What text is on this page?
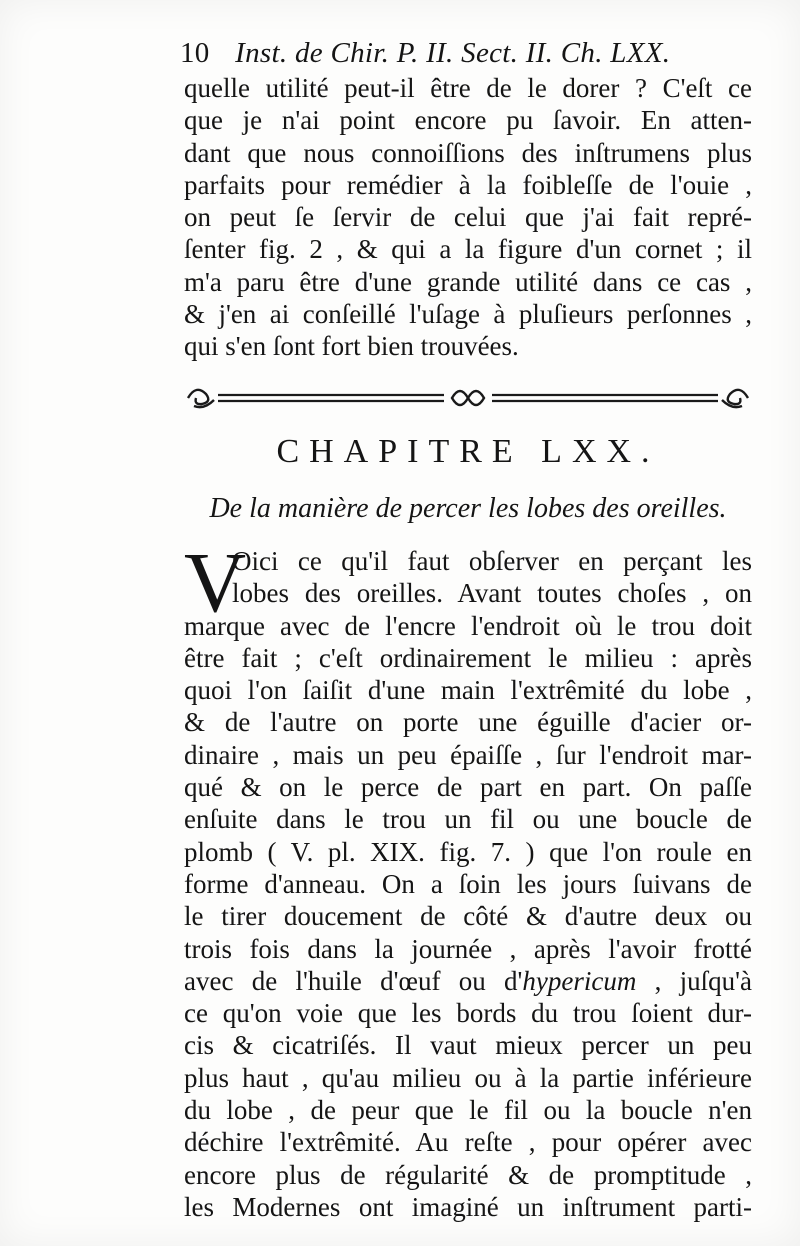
10 Inst. de Chir. P. II. Sect. II. Ch. LXX.
quelle utilité peut-il être de le dorer ? C'eſt ce
que je n'ai point encore pu ſavoir. En atten-
dant que nous connoiſſions des inſtrumens plus
parfaits pour remédier à la foibleſſe de l'ouie ,
on peut ſe ſervir de celui que j'ai fait repré-
ſenter fig. 2 , & qui a la figure d'un cornet ; il
m'a paru être d'une grande utilité dans ce cas ,
& j'en ai conſeillé l'uſage à pluſieurs perſonnes ,
qui s'en ſont fort bien trouvées.
CHAPITRE LXX.
De la manière de percer les lobes des oreilles.
V
Oici ce qu'il faut obſerver en perçant les
lobes des oreilles. Avant toutes choſes , on
marque avec de l'encre l'endroit où le trou doit
être fait ; c'eſt ordinairement le milieu : après
quoi l'on ſaiſit d'une main l'extrêmité du lobe ,
& de l'autre on porte une éguille d'acier or-
dinaire , mais un peu épaiſſe , ſur l'endroit mar-
qué & on le perce de part en part. On paſſe
enſuite dans le trou un fil ou une boucle de
plomb ( V. pl. XIX. fig. 7. ) que l'on roule en
forme d'anneau. On a ſoin les jours ſuivans de
le tirer doucement de côté & d'autre deux ou
trois fois dans la journée , après l'avoir frotté
avec de l'huile d'œuf ou d'hypericum , juſqu'à
ce qu'on voie que les bords du trou ſoient dur-
cis & cicatriſés. Il vaut mieux percer un peu
plus haut , qu'au milieu ou à la partie inférieure
du lobe , de peur que le fil ou la boucle n'en
déchire l'extrêmité. Au reſte , pour opérer avec
encore plus de régularité & de promptitude ,
les Modernes ont imaginé un inſtrument parti-
